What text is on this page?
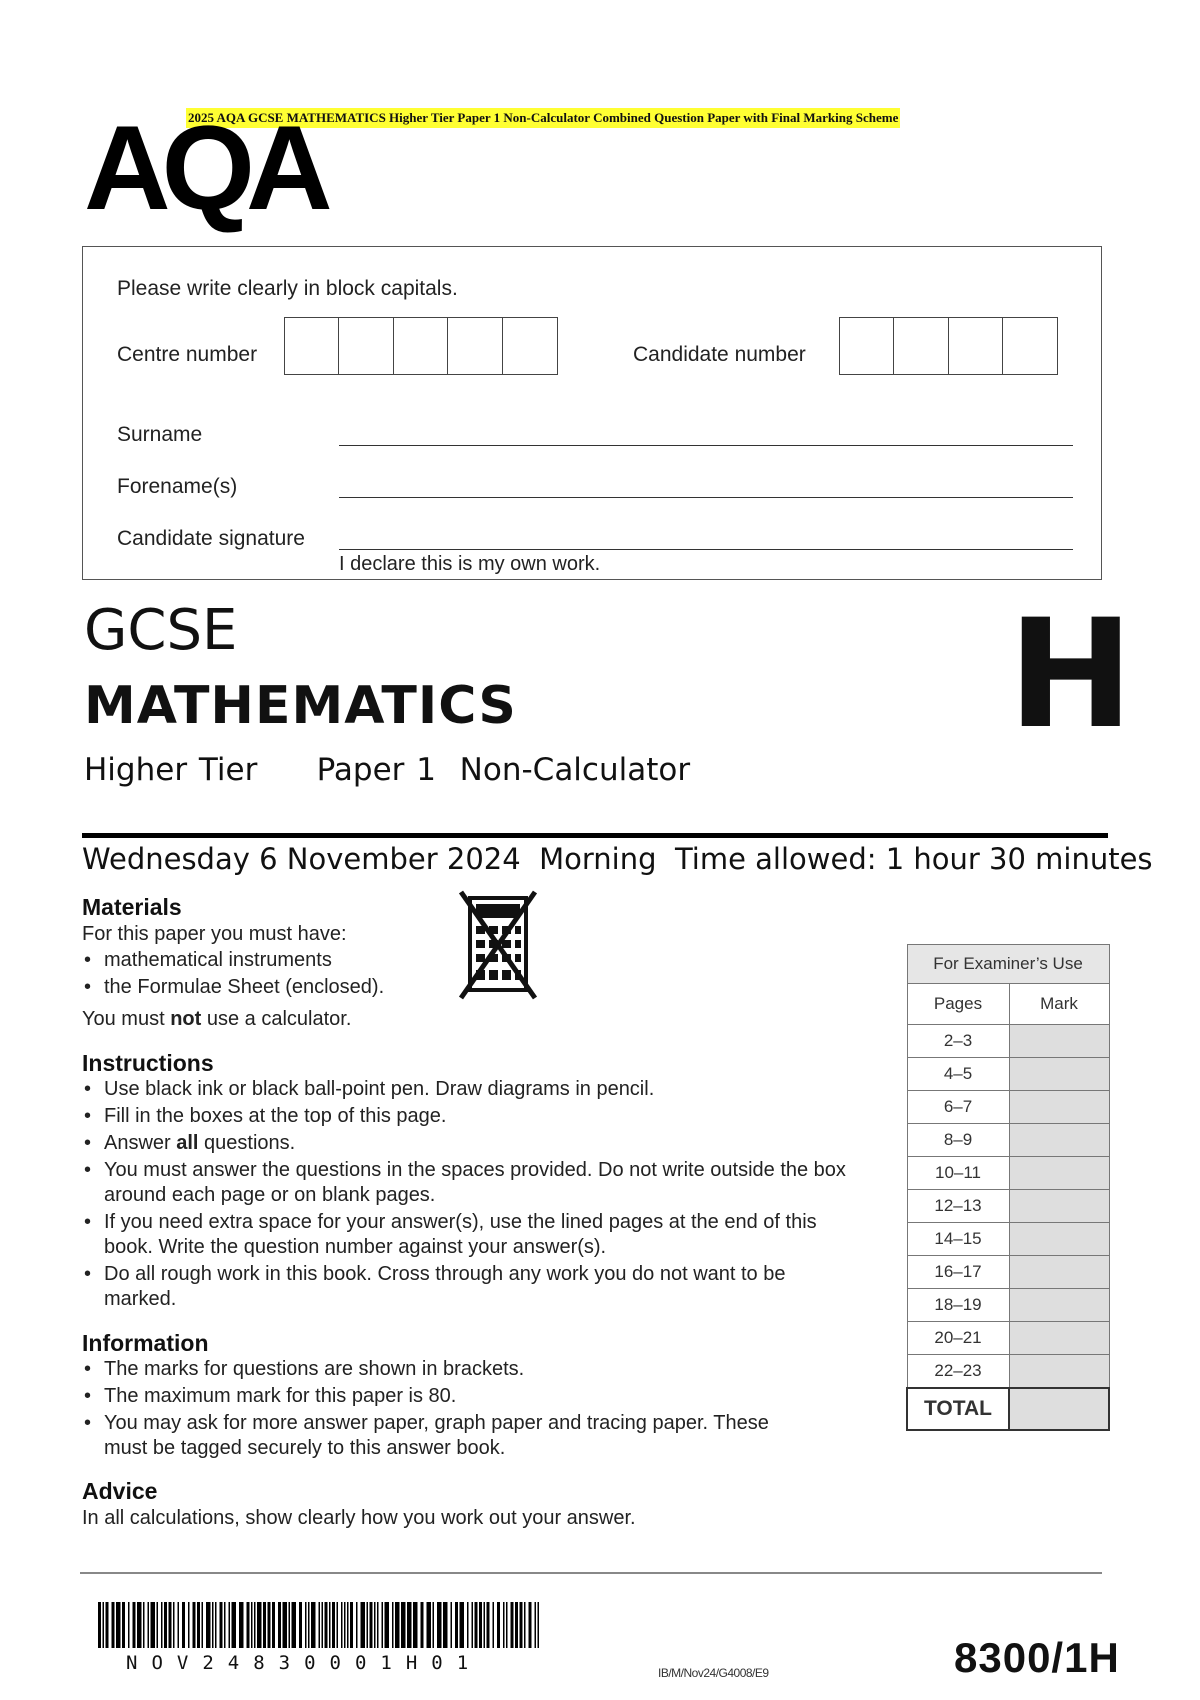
2025 AQA GCSE MATHEMATICS Higher Tier Paper 1 Non-Calculator Combined Question Paper with Final Marking Scheme
AQA
Please write clearly in block capitals.
Centre number	Candidate number
Surname
Forename(s)
Candidate signature
I declare this is my own work.
GCSE
MATHEMATICS
Higher Tier     Paper 1  Non-Calculator
H
Wednesday 6 November 2024  Morning  Time allowed: 1 hour 30 minutes
Materials
For this paper you must have:
• mathematical instruments
• the Formulae Sheet (enclosed).
You must not use a calculator.
Instructions
• Use black ink or black ball-point pen. Draw diagrams in pencil.
• Fill in the boxes at the top of this page.
• Answer all questions.
• You must answer the questions in the spaces provided. Do not write outside the box around each page or on blank pages.
• If you need extra space for your answer(s), use the lined pages at the end of this book. Write the question number against your answer(s).
• Do all rough work in this book. Cross through any work you do not want to be marked.
Information
• The marks for questions are shown in brackets.
• The maximum mark for this paper is 80.
• You may ask for more answer paper, graph paper and tracing paper. These must be tagged securely to this answer book.
Advice
In all calculations, show clearly how you work out your answer.
For Examiner’s Use	
Pages	Mark
2–3	
4–5	
6–7	
8–9	
10–11	
12–13	
14–15	
16–17	
18–19	
20–21	
22–23	
TOTAL	
NOV24830001H01	IB/M/Nov24/G4008/E9	8300/1H
